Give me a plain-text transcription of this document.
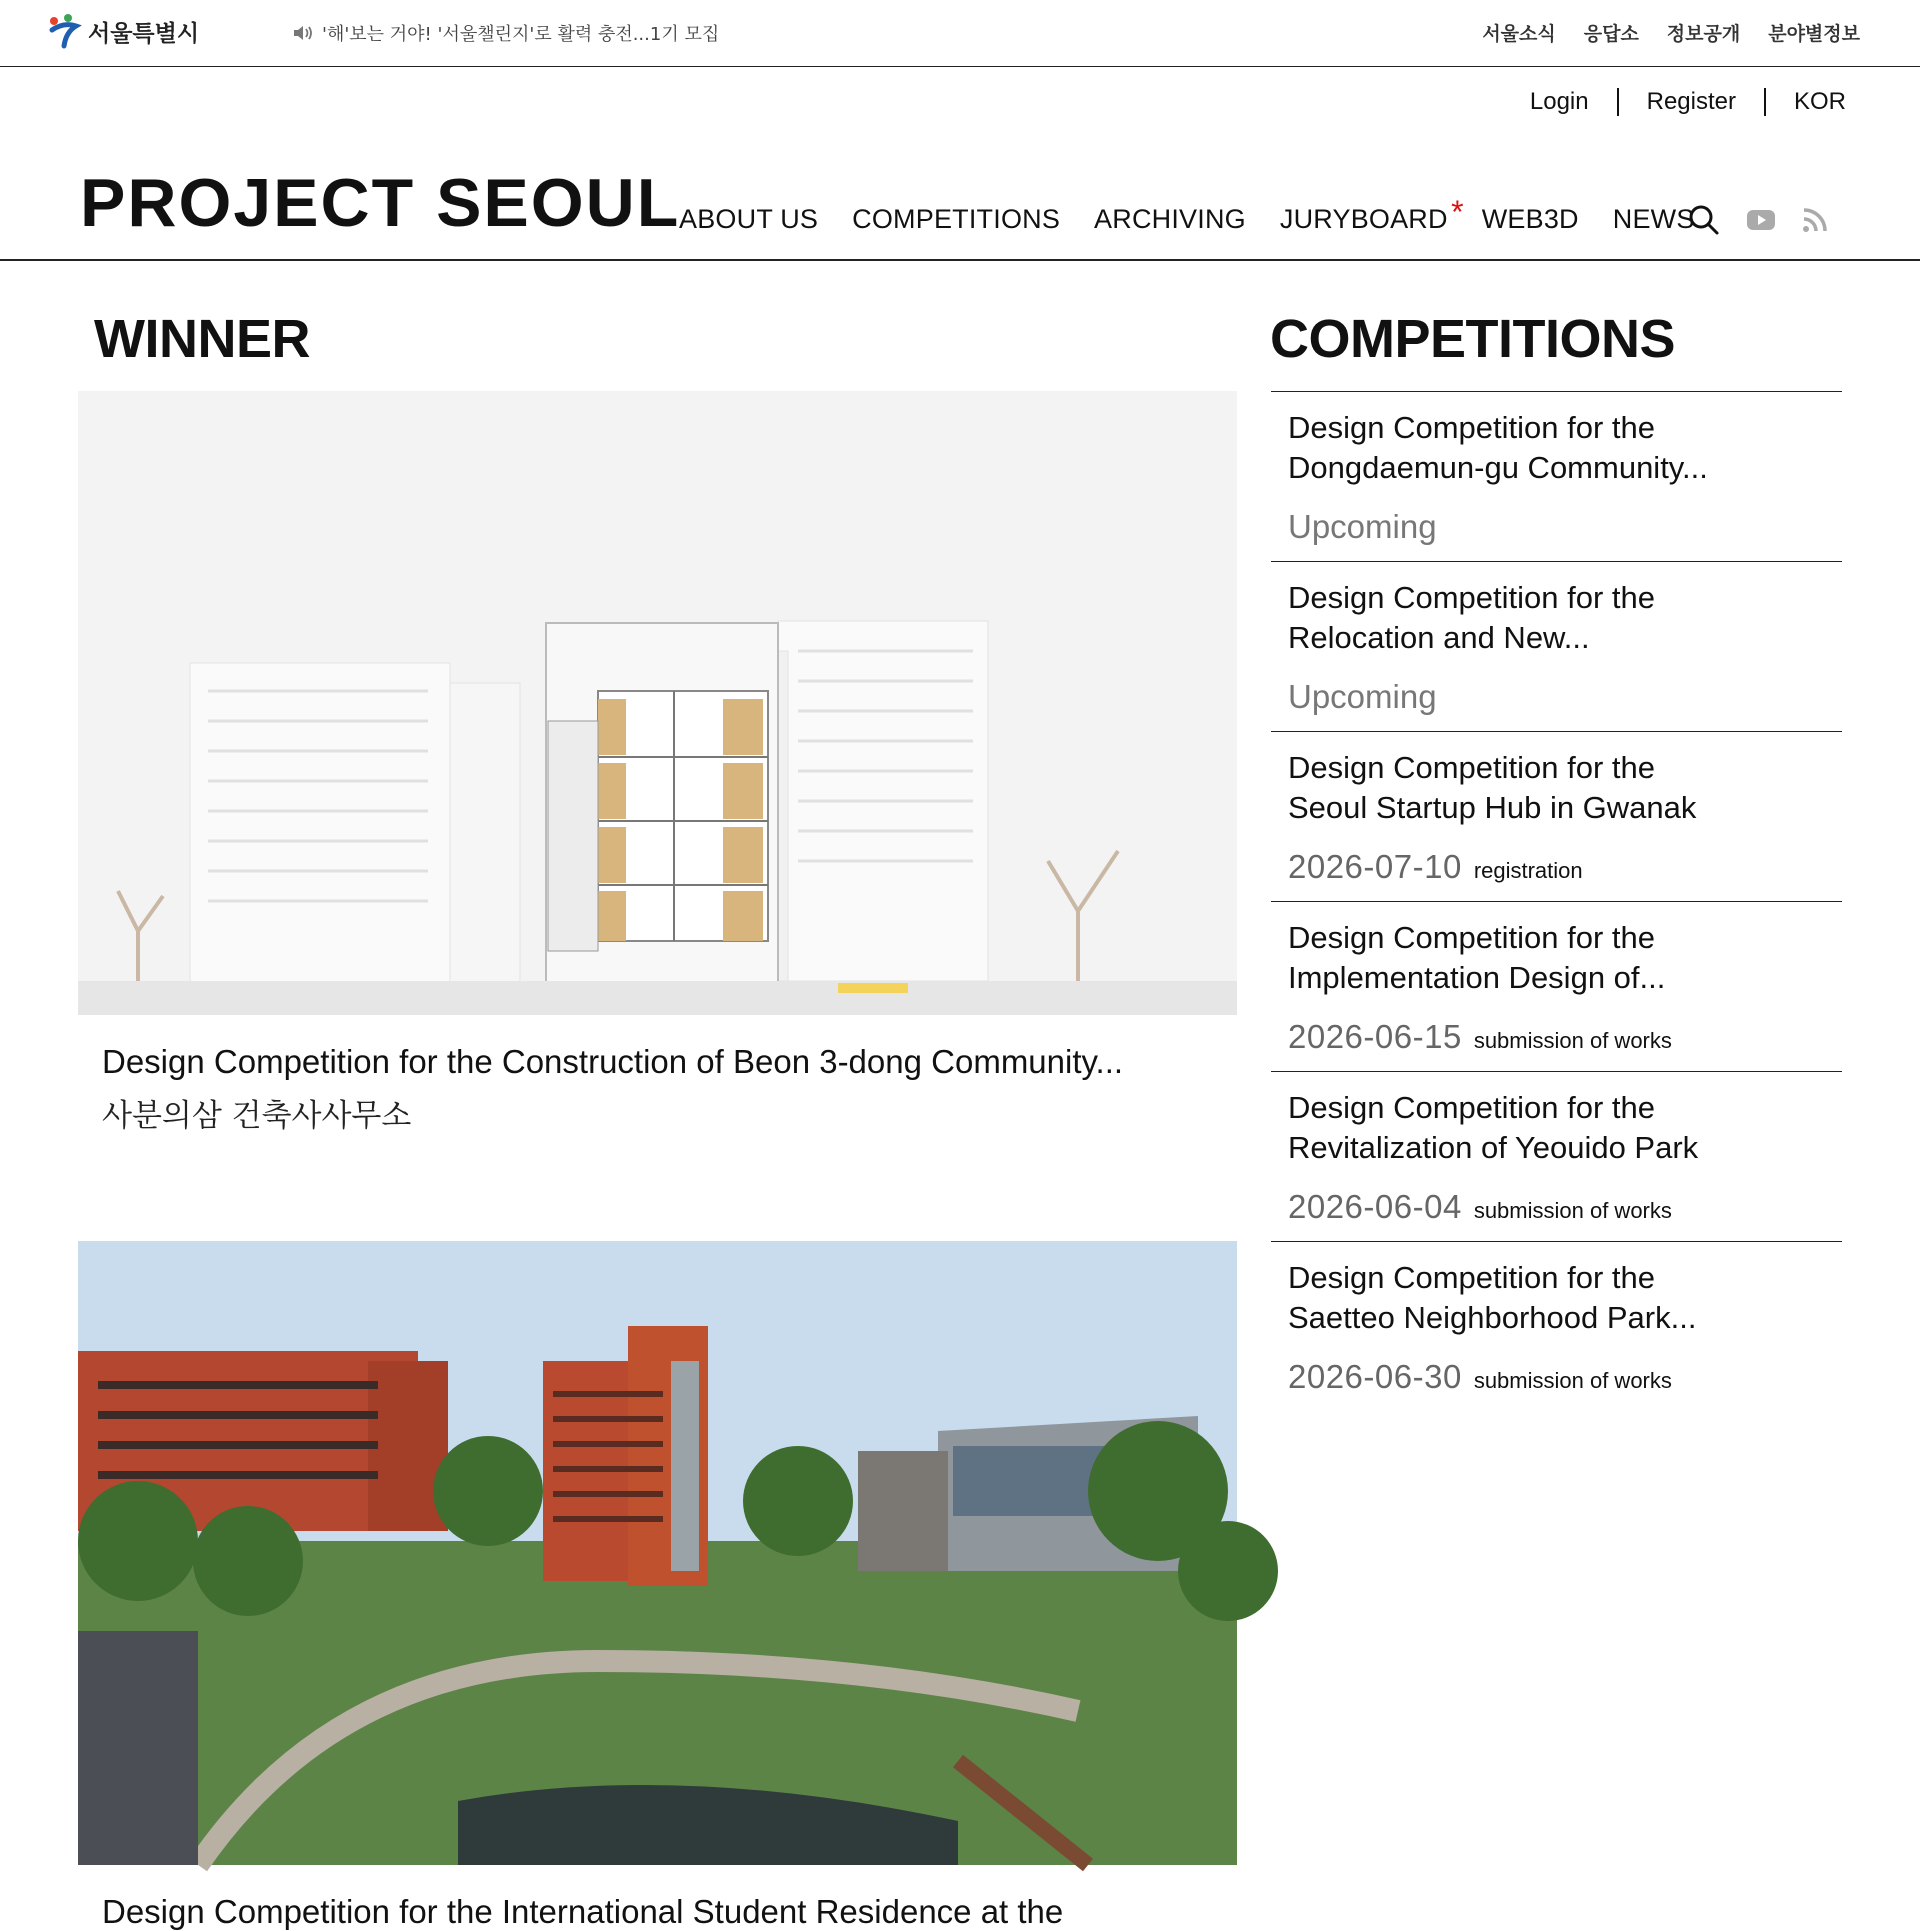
서울특별시	'해'보는 거야! '서울챌린지'로 활력 충전...1기 모집	서울소식 응답소 정보공개 분야별정보
Login Register KOR
PROJECT SEOUL
ABOUT US COMPETITIONS ARCHIVING JURYBOARD * WEB3D NEWS
WINNER
Design Competition for the Construction of Beon 3-dong Community...
사분의삼 건축사사무소
Design Competition for the International Student Residence at the
COMPETITIONS
Design Competition for the
Dongdaemun-gu Community...
Upcoming
Design Competition for the
Relocation and New...
Upcoming
Design Competition for the
Seoul Startup Hub in Gwanak
2026-07-10 registration
Design Competition for the
Implementation Design of...
2026-06-15 submission of works
Design Competition for the
Revitalization of Yeouido Park
2026-06-04 submission of works
Design Competition for the
Saetteo Neighborhood Park...
2026-06-30 submission of works
